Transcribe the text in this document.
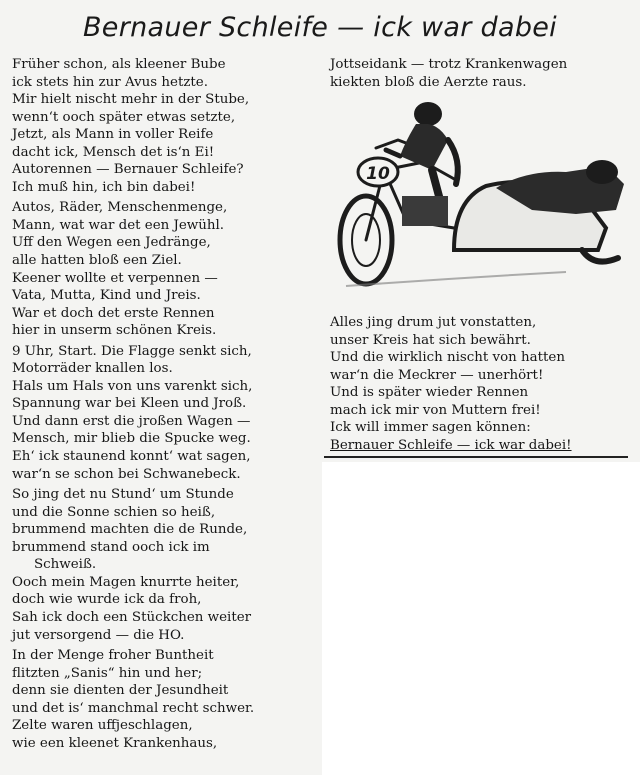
Bernauer Schleife — ick war dabei
Früher schon, als kleener Bube
ick stets hin zur Avus hetzte.
Mir hielt nischt mehr in der Stube,
wennʻt ooch später etwas setzte,
Jetzt, als Mann in voller Reife
dacht ick, Mensch det isʻn Ei!
Autorennen — Bernauer Schleife?
Ich muß hin, ich bin dabei!
Autos, Räder, Menschenmenge,
Mann, wat war det een Jewühl.
Uff den Wegen een Jedränge,
alle hatten bloß een Ziel.
Keener wollte et verpennen —
Vata, Mutta, Kind und Jreis.
War et doch det erste Rennen
hier in unserm schönen Kreis.
9 Uhr, Start. Die Flagge senkt sich,
Motorräder knallen los.
Hals um Hals von uns varenkt sich,
Spannung war bei Kleen und Jroß.
Und dann erst die jroßen Wagen —
Mensch, mir blieb die Spucke weg.
Ehʻ ick staunend konntʻ wat sagen,
warʻn se schon bei Schwanebeck.
So jing det nu Stundʻ um Stunde
und die Sonne schien so heiß,
brummend machten die de Runde,
brummend stand ooch ick im
Schweiß.
Ooch mein Magen knurrte heiter,
doch wie wurde ick da froh,
Sah ick doch een Stückchen weiter
jut versorgend — die HO.
In der Menge froher Buntheit
flitzten „Sanis“ hin und her;
denn sie dienten der Jesundheit
und det isʻ manchmal recht schwer.
Zelte waren uffjeschlagen,
wie een kleenet Krankenhaus,
Jottseidank — trotz Krankenwagen
kiekten bloß die Aerzte raus.
Alles jing drum jut vonstatten,
unser Kreis hat sich bewährt.
Und die wirklich nischt von hatten
warʻn die Meckrer — unerhört!
Und is später wieder Rennen
mach ick mir von Muttern frei!
Ick will immer sagen können:
Bernauer Schleife — ick war dabei!
10
